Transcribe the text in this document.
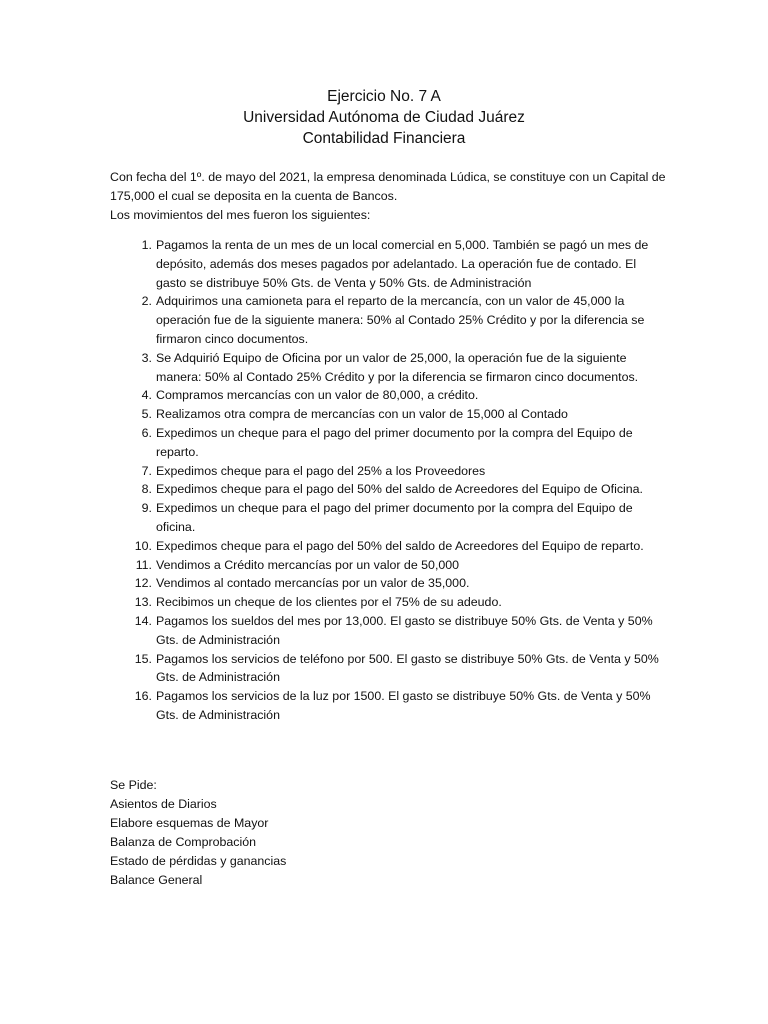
Ejercicio No. 7 A
Universidad Autónoma de Ciudad Juárez
Contabilidad Financiera

Con fecha del 1º. de mayo del 2021, la empresa denominada Lúdica, se constituye con un Capital de 175,000 el cual se deposita en la cuenta de Bancos.

Los movimientos del mes fueron los siguientes:

1. Pagamos la renta de un mes de un local comercial en 5,000. También se pagó un mes de depósito, además dos meses pagados por adelantado. La operación fue de contado. El gasto se distribuye 50% Gts. de Venta y 50% Gts. de Administración
2. Adquirimos una camioneta para el reparto de la mercancía, con un valor de 45,000 la operación fue de la siguiente manera: 50% al Contado 25% Crédito y por la diferencia se firmaron cinco documentos.
3. Se Adquirió Equipo de Oficina por un valor de 25,000, la operación fue de la siguiente manera: 50% al Contado 25% Crédito y por la diferencia se firmaron cinco documentos.
4. Compramos mercancías con un valor de 80,000, a crédito.
5. Realizamos otra compra de mercancías con un valor de 15,000 al Contado
6. Expedimos un cheque para el pago del primer documento por la compra del Equipo de reparto.
7. Expedimos cheque para el pago del 25% a los Proveedores
8. Expedimos cheque para el pago del 50% del saldo de Acreedores del Equipo de Oficina.
9. Expedimos un cheque para el pago del primer documento por la compra del Equipo de oficina.
10. Expedimos cheque para el pago del 50% del saldo de Acreedores del Equipo de reparto.
11. Vendimos a Crédito mercancías por un valor de 50,000
12. Vendimos al contado mercancías por un valor de 35,000.
13. Recibimos un cheque de los clientes por el 75% de su adeudo.
14. Pagamos los sueldos del mes por 13,000. El gasto se distribuye 50% Gts. de Venta y 50% Gts. de Administración
15. Pagamos los servicios de teléfono por 500. El gasto se distribuye 50% Gts. de Venta y 50% Gts. de Administración
16. Pagamos los servicios de la luz por 1500. El gasto se distribuye 50% Gts. de Venta y 50% Gts. de Administración
Se Pide:
Asientos de Diarios
Elabore esquemas de Mayor
Balanza de Comprobación
Estado de pérdidas y ganancias
Balance General
